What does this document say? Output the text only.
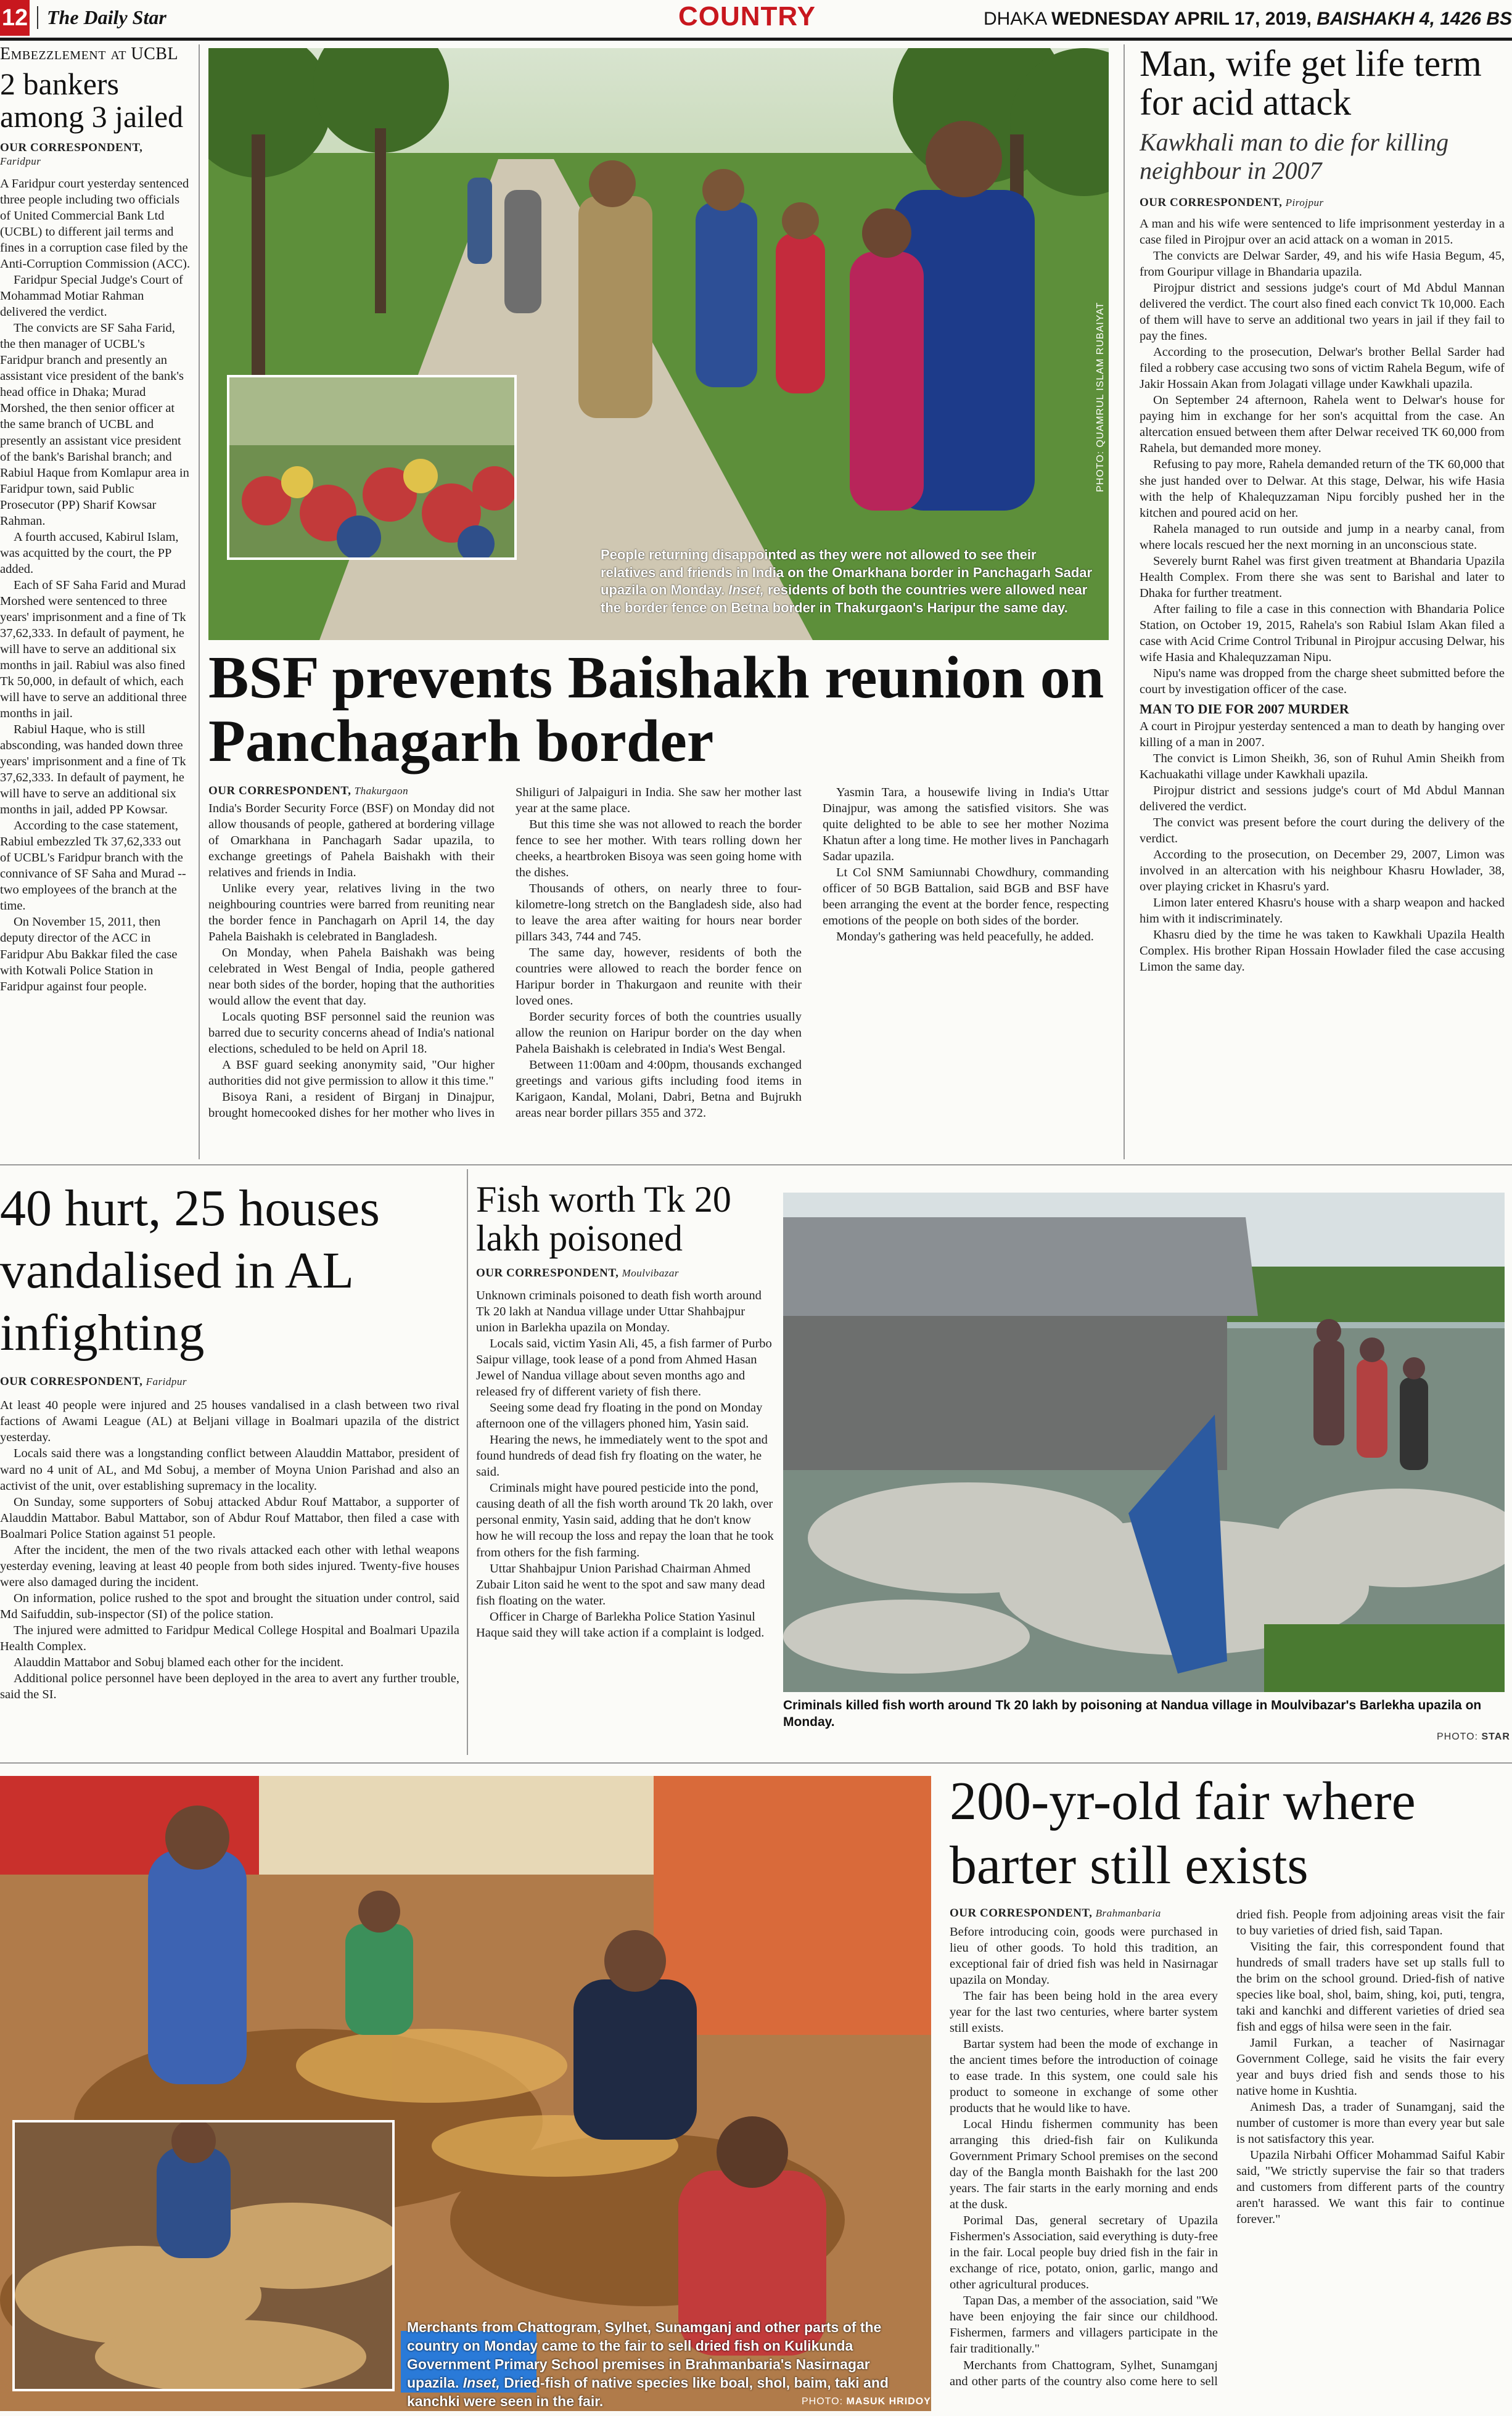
12 The Daily Star	COUNTRY	DHAKA WEDNESDAY APRIL 17, 2019, BAISHAKH 4, 1426 BS
Embezzlement at UCBL
2 bankers among 3 jailed
OUR CORRESPONDENT,
Faridpur

A Faridpur court yesterday sentenced three people including two officials of United Commercial Bank Ltd (UCBL) to different jail terms and fines in a corruption case filed by the Anti-Corruption Commission (ACC).

Faridpur Special Judge's Court of Mohammad Motiar Rahman delivered the verdict.

The convicts are SF Saha Farid, the then manager of UCBL's Faridpur branch and presently an assistant vice president of the bank's head office in Dhaka; Murad Morshed, the then senior officer at the same branch of UCBL and presently an assistant vice president of the bank's Barishal branch; and Rabiul Haque from Komlapur area in Faridpur town, said Public Prosecutor (PP) Sharif Kowsar Rahman.

A fourth accused, Kabirul Islam, was acquitted by the court, the PP added.

Each of SF Saha Farid and Murad Morshed were sentenced to three years' imprisonment and a fine of Tk 37,62,333. In default of payment, he will have to serve an additional six months in jail. Rabiul was also fined Tk 50,000, in default of which, each will have to serve an additional three months in jail.

Rabiul Haque, who is still absconding, was handed down three years' imprisonment and a fine of Tk 37,62,333. In default of payment, he will have to serve an additional six months in jail, added PP Kowsar.

According to the case statement, Rabiul embezzled Tk 37,62,333 out of UCBL's Faridpur branch with the connivance of SF Saha and Murad -- two employees of the branch at the time.

On November 15, 2011, then deputy director of the ACC in Faridpur Abu Bakkar filed the case with Kotwali Police Station in Faridpur against four people.

People returning disappointed as they were not allowed to see their relatives and friends in India on the Omarkhana border in Panchagarh Sadar upazila on Monday. Inset, residents of both the countries were allowed near the border fence on Betna border in Thakurgaon's Haripur the same day.
PHOTO: QUAMRUL ISLAM RUBAIYAT
BSF prevents Baishakh reunion on Panchagarh border
OUR CORRESPONDENT, Thakurgaon

India's Border Security Force (BSF) on Monday did not allow thousands of people, gathered at bordering village of Omarkhana in Panchagarh Sadar upazila, to exchange greetings of Pahela Baishakh with their relatives and friends in India.

Unlike every year, relatives living in the two neighbouring countries were barred from reuniting near the border fence in Panchagarh on April 14, the day Pahela Baishakh is celebrated in Bangladesh.

On Monday, when Pahela Baishakh was being celebrated in West Bengal of India, people gathered near both sides of the border, hoping that the authorities would allow the event that day.

Locals quoting BSF personnel said the reunion was barred due to security concerns ahead of India's national elections, scheduled to be held on April 18.

A BSF guard seeking anonymity said, "Our higher authorities did not give permission to allow it this time."

Bisoya Rani, a resident of Birganj in Dinajpur, brought homecooked dishes for her mother who lives in Shiliguri of Jalpaiguri in India. She saw her mother last year at the same place.

But this time she was not allowed to reach the border fence to see her mother. With tears rolling down her cheeks, a heartbroken Bisoya was seen going home with the dishes.

Thousands of others, on nearly three to four-kilometre-long stretch on the Bangladesh side, also had to leave the area after waiting for hours near border pillars 343, 744 and 745.

The same day, however, residents of both the countries were allowed to reach the border fence on Haripur border in Thakurgaon and reunite with their loved ones.

Border security forces of both the countries usually allow the reunion on Haripur border on the day when Pahela Baishakh is celebrated in India's West Bengal.

Between 11:00am and 4:00pm, thousands exchanged greetings and various gifts including food items in Karigaon, Kandal, Molani, Dabri, Betna and Bujrukh areas near border pillars 355 and 372.

Yasmin Tara, a housewife living in India's Uttar Dinajpur, was among the satisfied visitors. She was quite delighted to be able to see her mother Nozima Khatun after a long time. He mother lives in Panchagarh Sadar upazila.

Lt Col SNM Samiunnabi Chowdhury, commanding officer of 50 BGB Battalion, said BGB and BSF have been arranging the event at the border fence, respecting emotions of the people on both sides of the border.

Monday's gathering was held peacefully, he added.

Man, wife get life term for acid attack
Kawkhali man to die for killing neighbour in 2007
OUR CORRESPONDENT, Pirojpur

A man and his wife were sentenced to life imprisonment yesterday in a case filed in Pirojpur over an acid attack on a woman in 2015.

The convicts are Delwar Sarder, 49, and his wife Hasia Begum, 45, from Gouripur village in Bhandaria upazila.

Pirojpur district and sessions judge's court of Md Abdul Mannan delivered the verdict. The court also fined each convict Tk 10,000. Each of them will have to serve an additional two years in jail if they fail to pay the fines.

According to the prosecution, Delwar's brother Bellal Sarder had filed a robbery case accusing two sons of victim Rahela Begum, wife of Jakir Hossain Akan from Jolagati village under Kawkhali upazila.

On September 24 afternoon, Rahela went to Delwar's house for paying him in exchange for her son's acquittal from the case. An altercation ensued between them after Delwar received TK 60,000 from Rahela, but demanded more money.

Refusing to pay more, Rahela demanded return of the TK 60,000 that she just handed over to Delwar. At this stage, Delwar, his wife Hasia with the help of Khalequzzaman Nipu forcibly pushed her in the kitchen and poured acid on her.

Rahela managed to run outside and jump in a nearby canal, from where locals rescued her the next morning in an unconscious state.

Severely burnt Rahel was first given treatment at Bhandaria Upazila Health Complex. From there she was sent to Barishal and later to Dhaka for further treatment.

After failing to file a case in this connection with Bhandaria Police Station, on October 19, 2015, Rahela's son Rabiul Islam Akan filed a case with Acid Crime Control Tribunal in Pirojpur accusing Delwar, his wife Hasia and Khalequzzaman Nipu.

Nipu's name was dropped from the charge sheet submitted before the court by investigation officer of the case.

MAN TO DIE FOR 2007 MURDER

A court in Pirojpur yesterday sentenced a man to death by hanging over killing of a man in 2007.

The convict is Limon Sheikh, 36, son of Ruhul Amin Sheikh from Kachuakathi village under Kawkhali upazila.

Pirojpur district and sessions judge's court of Md Abdul Mannan delivered the verdict.

The convict was present before the court during the delivery of the verdict.

According to the prosecution, on December 29, 2007, Limon was involved in an altercation with his neighbour Khasru Howlader, 38, over playing cricket in Khasru's yard.

Limon later entered Khasru's house with a sharp weapon and hacked him with it indiscriminately.

Khasru died by the time he was taken to Kawkhali Upazila Health Complex. His brother Ripan Hossain Howlader filed the case accusing Limon the same day.

40 hurt, 25 houses vandalised in AL infighting
OUR CORRESPONDENT, Faridpur

At least 40 people were injured and 25 houses vandalised in a clash between two rival factions of Awami League (AL) at Beljani village in Boalmari upazila of the district yesterday.

Locals said there was a longstanding conflict between Alauddin Mattabor, president of ward no 4 unit of AL, and Md Sobuj, a member of Moyna Union Parishad and also an activist of the unit, over establishing supremacy in the locality.

On Sunday, some supporters of Sobuj attacked Abdur Rouf Mattabor, a supporter of Alauddin Mattabor. Babul Mattabor, son of Abdur Rouf Mattabor, then filed a case with Boalmari Police Station against 51 people.

After the incident, the men of the two rivals attacked each other with lethal weapons yesterday evening, leaving at least 40 people from both sides injured. Twenty-five houses were also damaged during the incident.

On information, police rushed to the spot and brought the situation under control, said Md Saifuddin, sub-inspector (SI) of the police station.

The injured were admitted to Faridpur Medical College Hospital and Boalmari Upazila Health Complex.

Alauddin Mattabor and Sobuj blamed each other for the incident.

Additional police personnel have been deployed in the area to avert any further trouble, said the SI.

Fish worth Tk 20 lakh poisoned
OUR CORRESPONDENT, Moulvibazar

Unknown criminals poisoned to death fish worth around Tk 20 lakh at Nandua village under Uttar Shahbajpur union in Barlekha upazila on Monday.

Locals said, victim Yasin Ali, 45, a fish farmer of Purbo Saipur village, took lease of a pond from Ahmed Hasan Jewel of Nandua village about seven months ago and released fry of different variety of fish there.

Seeing some dead fry floating in the pond on Monday afternoon one of the villagers phoned him, Yasin said.

Hearing the news, he immediately went to the spot and found hundreds of dead fish fry floating on the water, he said.

Criminals might have poured pesticide into the pond, causing death of all the fish worth around Tk 20 lakh, over personal enmity, Yasin said, adding that he don't know how he will recoup the loss and repay the loan that he took from others for the fish farming.

Uttar Shahbajpur Union Parishad Chairman Ahmed Zubair Liton said he went to the spot and saw many dead fish floating on the water.

Officer in Charge of Barlekha Police Station Yasinul Haque said they will take action if a complaint is lodged.

Criminals killed fish worth around Tk 20 lakh by poisoning at Nandua village in Moulvibazar's Barlekha upazila on Monday.
PHOTO: STAR
Merchants from Chattogram, Sylhet, Sunamganj and other parts of the country on Monday came to the fair to sell dried fish on Kulikunda Government Primary School premises in Brahmanbaria's Nasirnagar upazila. Inset, Dried-fish of native species like boal, shol, baim, taki and kanchki were seen in the fair.	PHOTO: MASUK HRIDOY
200-yr-old fair where barter still exists
OUR CORRESPONDENT, Brahmanbaria

Before introducing coin, goods were purchased in lieu of other goods. To hold this tradition, an exceptional fair of dried fish was held in Nasirnagar upazila on Monday.

The fair has been being hold in the area every year for the last two centuries, where barter system still exists.

Bartar system had been the mode of exchange in the ancient times before the introduction of coinage to ease trade. In this system, one could sale his product to someone in exchange of some other products that he would like to have.

Local Hindu fishermen community has been arranging this dried-fish fair on Kulikunda Government Primary School premises on the second day of the Bangla month Baishakh for the last 200 years. The fair starts in the early morning and ends at the dusk.

Porimal Das, general secretary of Upazila Fishermen's Association, said everything is duty-free in the fair. Local people buy dried fish in the fair in exchange of rice, potato, onion, garlic, mango and other agricultural produces.

Tapan Das, a member of the association, said "We have been enjoying the fair since our childhood. Fishermen, farmers and villagers participate in the fair traditionally."

Merchants from Chattogram, Sylhet, Sunamganj and other parts of the country also come here to sell dried fish. People from adjoining areas visit the fair to buy varieties of dried fish, said Tapan.

Visiting the fair, this correspondent found that hundreds of small traders have set up stalls full to the brim on the school ground. Dried-fish of native species like boal, shol, baim, shing, koi, puti, tengra, taki and kanchki and different varieties of dried sea fish and eggs of hilsa were seen in the fair.

Jamil Furkan, a teacher of Nasirnagar Government College, said he visits the fair every year and buys dried fish and sends those to his native home in Kushtia.

Animesh Das, a trader of Sunamganj, said the number of customer is more than every year but sale is not satisfactory this year.

Upazila Nirbahi Officer Mohammad Saiful Kabir said, "We strictly supervise the fair so that traders and customers from different parts of the country aren't harassed. We want this fair to continue forever."
